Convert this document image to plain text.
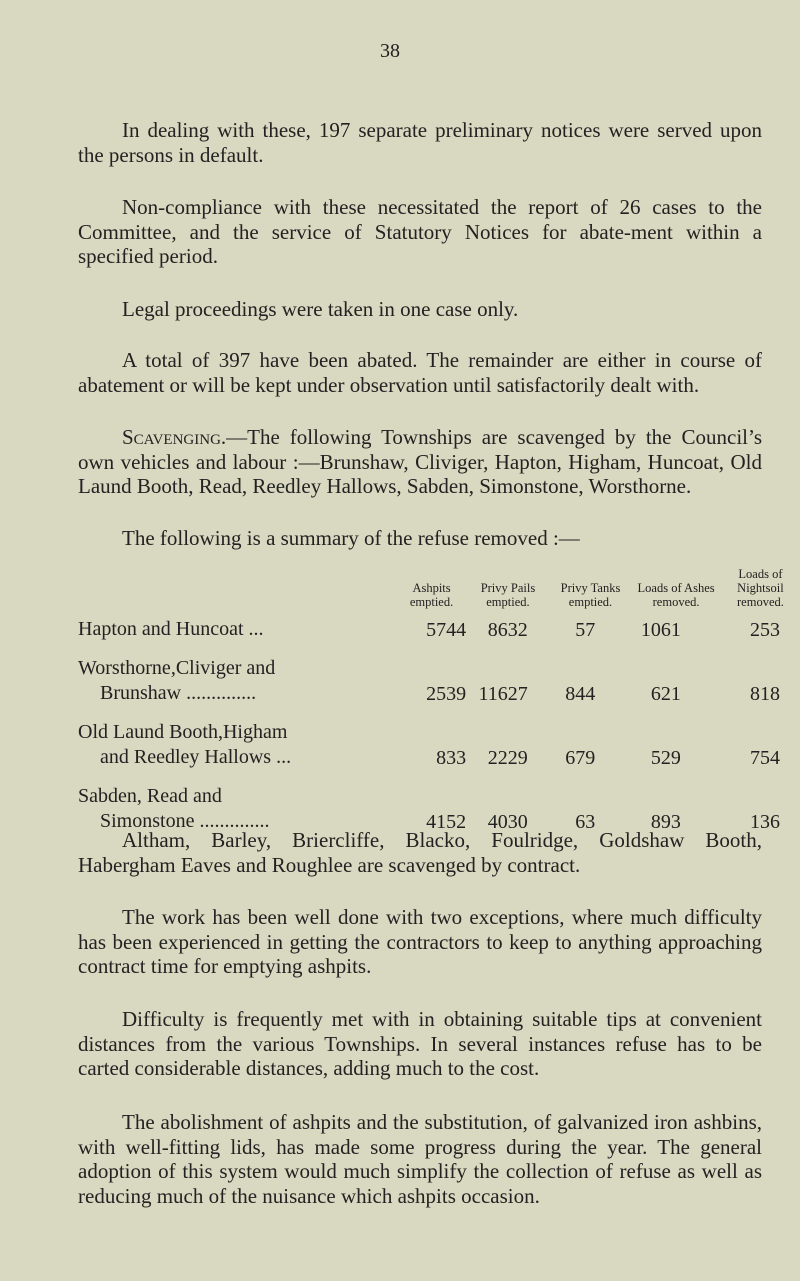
38
In dealing with these, 197 separate preliminary notices were served upon the persons in default.
Non-compliance with these necessitated the report of 26 cases to the Committee, and the service of Statutory Notices for abate-ment within a specified period.
Legal proceedings were taken in one case only.
A total of 397 have been abated. The remainder are either in course of abatement or will be kept under observation until satisfactorily dealt with.
Scavenging.—The following Townships are scavenged by the Council’s own vehicles and labour :—Brunshaw, Cliviger, Hapton, Higham, Huncoat, Old Laund Booth, Read, Reedley Hallows, Sabden, Simonstone, Worsthorne.
The following is a summary of the refuse removed :—
	Ashpits emptied.	Privy Pails emptied.	Privy Tanks emptied.	Loads of Ashes removed.	Loads of Nightsoil removed.

Hapton and Huncoat ...	5744	8632	57	1061	253

Worsthorne,Cliviger and
Brunshaw ..............	2539	11627	844	621	818

Old Laund Booth,Higham
and Reedley Hallows ...	833	2229	679	529	754

Sabden, Read and
Simonstone ..............	4152	4030	63	893	136
Altham, Barley, Briercliffe, Blacko, Foulridge, Goldshaw Booth, Habergham Eaves and Roughlee are scavenged by contract.
The work has been well done with two exceptions, where much difficulty has been experienced in getting the contractors to keep to anything approaching contract time for emptying ashpits.
Difficulty is frequently met with in obtaining suitable tips at convenient distances from the various Townships. In several instances refuse has to be carted considerable distances, adding much to the cost.
The abolishment of ashpits and the substitution, of galvanized iron ashbins, with well-fitting lids, has made some progress during the year. The general adoption of this system would much simplify the collection of refuse as well as reducing much of the nuisance which ashpits occasion.
